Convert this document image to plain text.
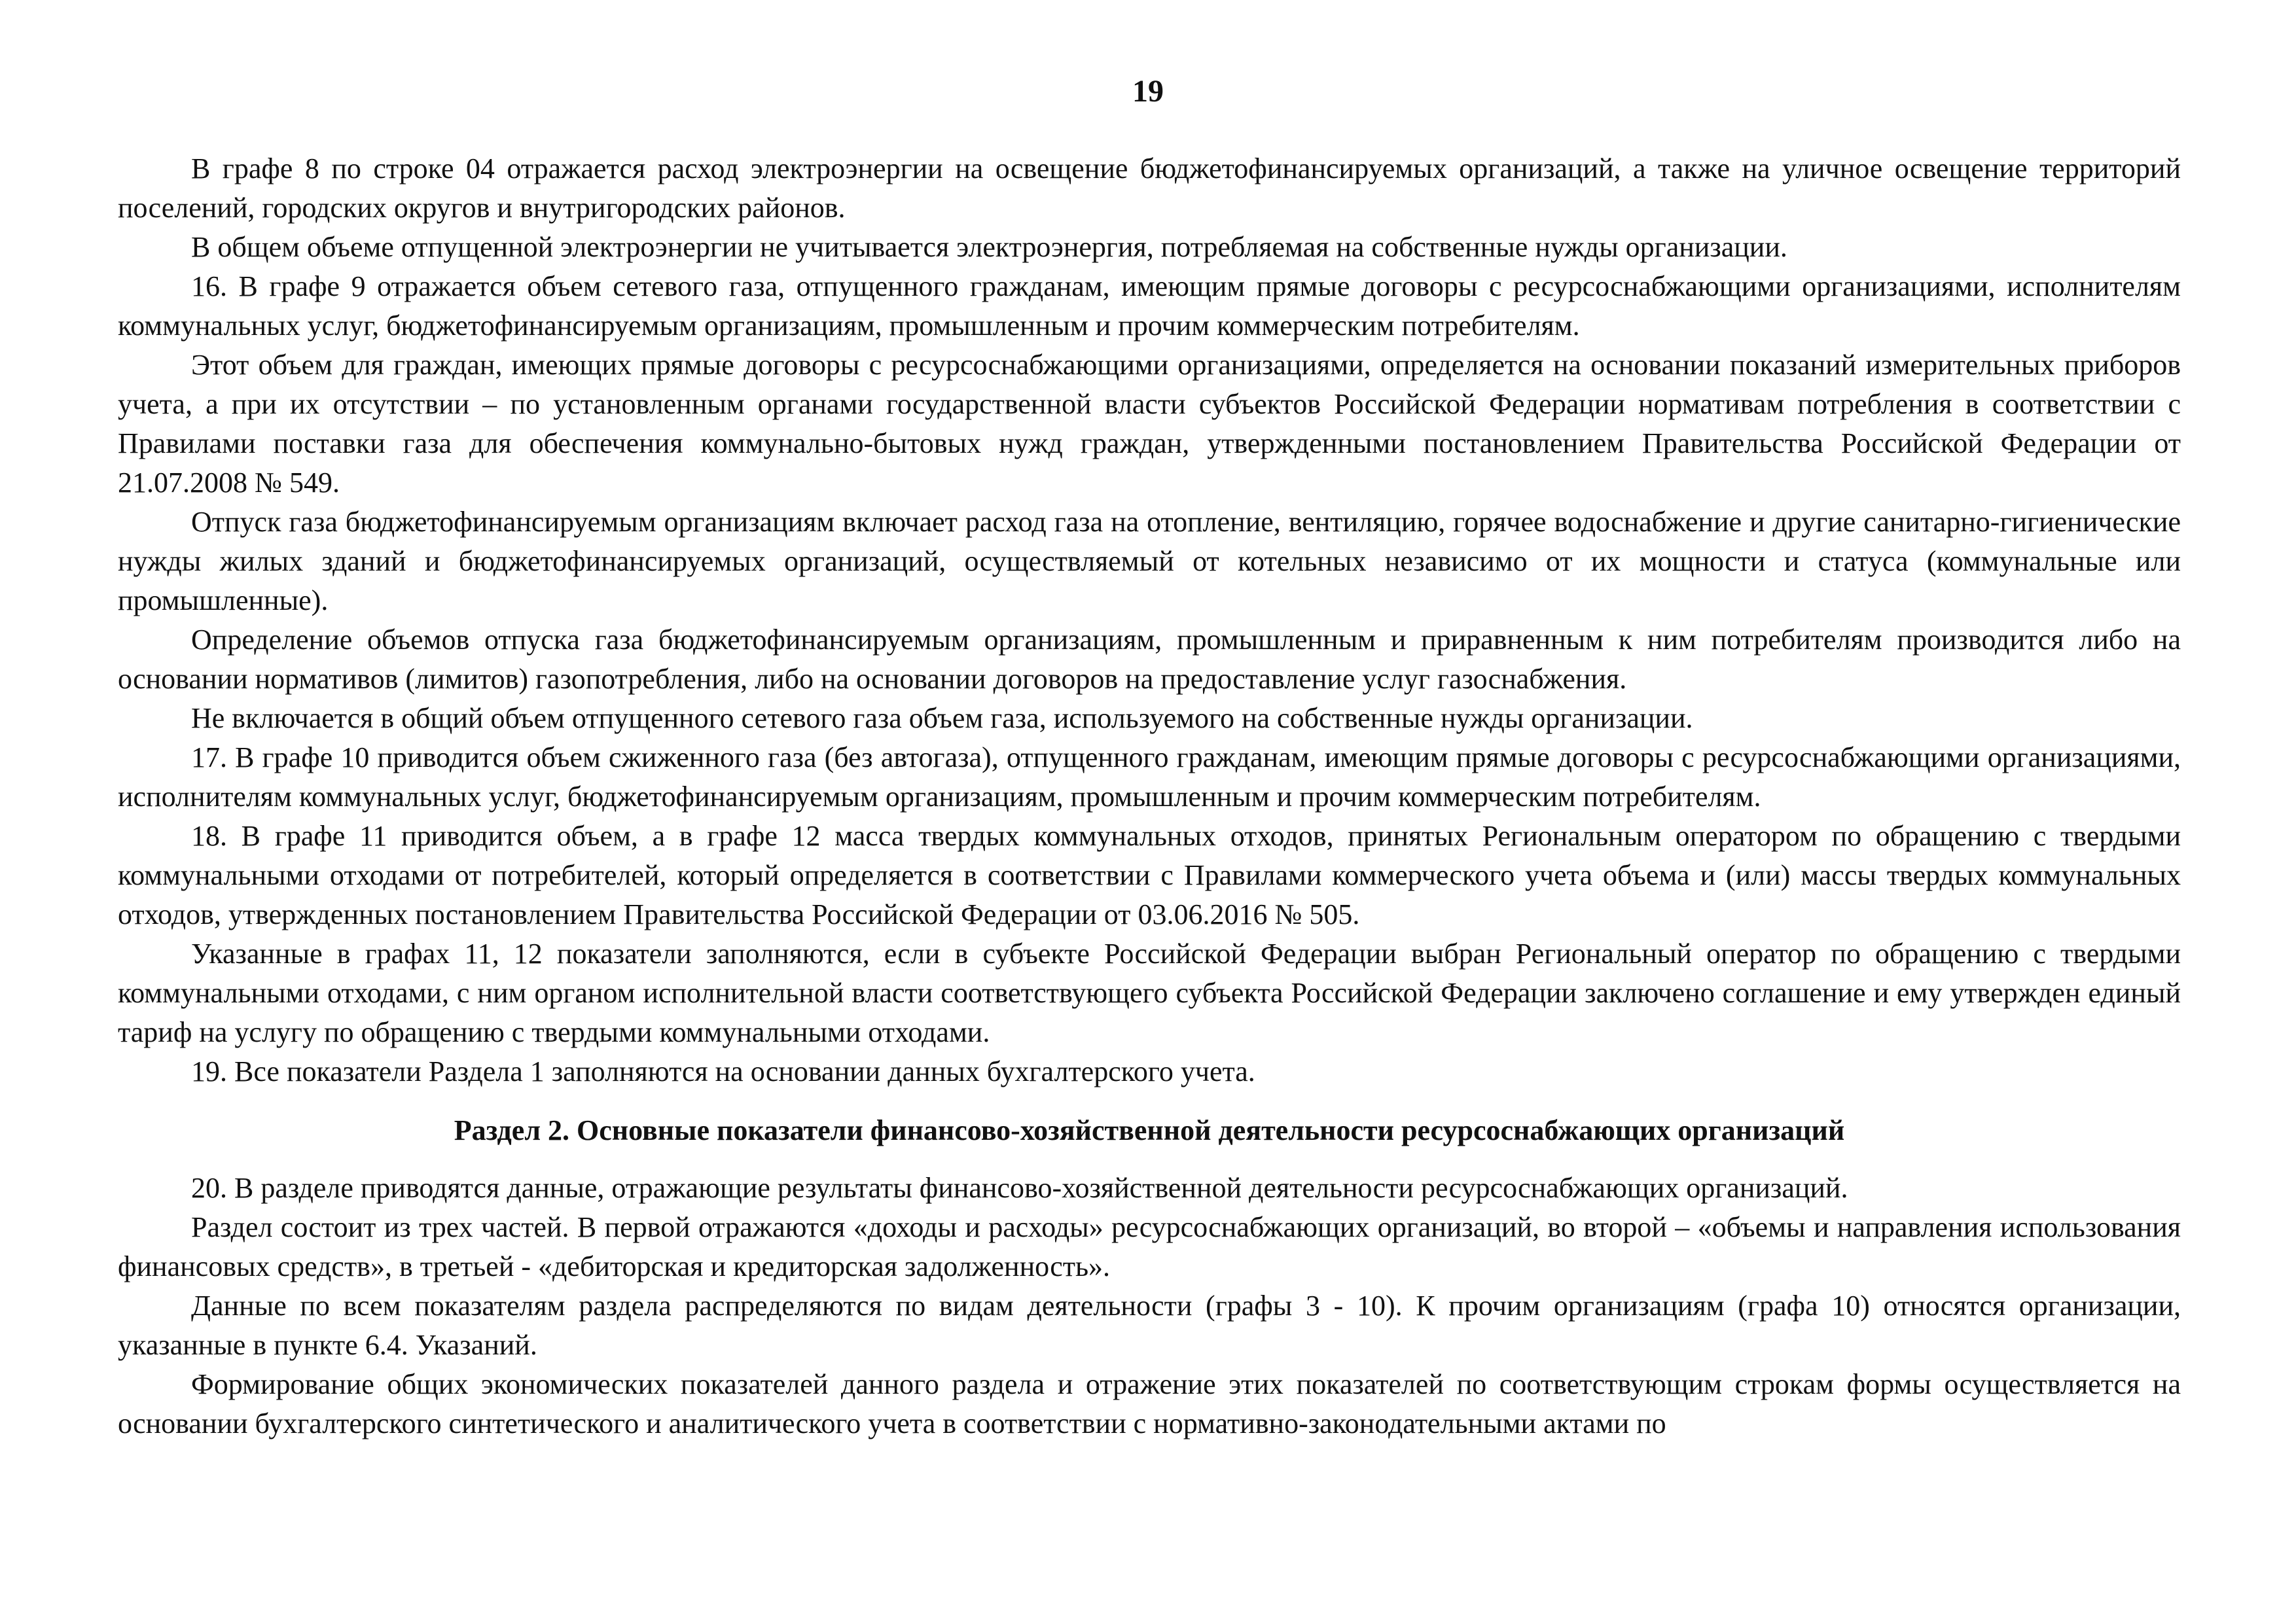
19

В графе 8 по строке 04 отражается расход электроэнергии на освещение бюджетофинансируемых организаций, а также на уличное освещение территорий поселений, городских округов и внутригородских районов.

В общем объеме отпущенной электроэнергии не учитывается электроэнергия, потребляемая на собственные нужды организации.

16. В графе 9 отражается объем сетевого газа, отпущенного гражданам, имеющим прямые договоры с ресурсоснабжающими организациями, исполнителям коммунальных услуг, бюджетофинансируемым организациям, промышленным и прочим коммерческим потребителям.

Этот объем для граждан, имеющих прямые договоры с ресурсоснабжающими организациями, определяется на основании показаний измерительных приборов учета, а при их отсутствии – по установленным органами государственной власти субъектов Российской Федерации нормативам потребления в соответствии с Правилами поставки газа для обеспечения коммунально-бытовых нужд граждан, утвержденными постановлением Правительства Российской Федерации от 21.07.2008 № 549.

Отпуск газа бюджетофинансируемым организациям включает расход газа на отопление, вентиляцию, горячее водоснабжение и другие санитарно-гигиенические нужды жилых зданий и бюджетофинансируемых организаций, осуществляемый от котельных независимо от их мощности и статуса (коммунальные или промышленные).

Определение объемов отпуска газа бюджетофинансируемым организациям, промышленным и приравненным к ним потребителям производится либо на основании нормативов (лимитов) газопотребления, либо на основании договоров на предоставление услуг газоснабжения.

Не включается в общий объем отпущенного сетевого газа объем газа, используемого на собственные нужды организации.

17. В графе 10 приводится объем сжиженного газа (без автогаза), отпущенного гражданам, имеющим прямые договоры с ресурсоснабжающими организациями, исполнителям коммунальных услуг, бюджетофинансируемым организациям, промышленным и прочим коммерческим потребителям.

18. В графе 11 приводится объем, а в графе 12 масса твердых коммунальных отходов, принятых Региональным оператором по обращению с твердыми коммунальными отходами от потребителей, который определяется в соответствии с Правилами коммерческого учета объема и (или) массы твердых коммунальных отходов, утвержденных постановлением Правительства Российской Федерации от 03.06.2016 № 505.

Указанные в графах 11, 12 показатели заполняются, если в субъекте Российской Федерации выбран Региональный оператор по обращению с твердыми коммунальными отходами, с ним органом исполнительной власти соответствующего субъекта Российской Федерации заключено соглашение и ему утвержден единый тариф на услугу по обращению с твердыми коммунальными отходами.

19. Все показатели Раздела 1 заполняются на основании данных бухгалтерского учета.

Раздел 2. Основные показатели финансово-хозяйственной деятельности ресурсоснабжающих организаций

20. В разделе приводятся данные, отражающие результаты финансово-хозяйственной деятельности ресурсоснабжающих организаций.

Раздел состоит из трех частей. В первой отражаются «доходы и расходы» ресурсоснабжающих организаций, во второй – «объемы и направления использования финансовых средств», в третьей - «дебиторская и кредиторская задолженность».

Данные по всем показателям раздела распределяются по видам деятельности (графы 3 - 10). К прочим организациям (графа 10) относятся организации, указанные в пункте 6.4. Указаний.

Формирование общих экономических показателей данного раздела и отражение этих показателей по соответствующим строкам формы осуществляется на основании бухгалтерского синтетического и аналитического учета в соответствии с нормативно-законодательными актами по
